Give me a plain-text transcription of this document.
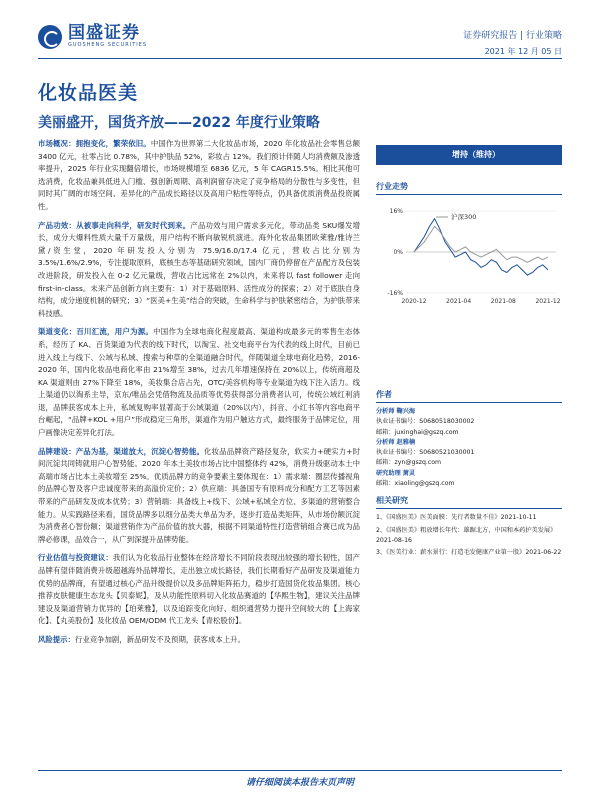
国盛证券
GUOSHENG SECURITIES
证券研究报告 | 行业策略
2021 年 12 月 05 日
化妆品医美
美丽盛开，国货齐放——2022 年度行业策略

市场概况：拥抱变化，繁荣依旧。中国作为世界第二大化妆品市场，2020 年化妆品社会零售总额 3400 亿元，社零占比 0.78%，其中护肤品 52%，彩妆占 12%。我们预计伴随人均消费额及渗透率提升，2025 年行业实现翻倍增长，市场规模增至 6836 亿元，5 年 CAGR15.5%。相比其他可选消费，化妆品兼具低进入门槛、强创新周期、高利润留存决定了竞争格局的分散性与多变性，但同时其广阔的市场空间、差异化的产品成长路径以及高用户粘性等特点，仍具备优质消费品投资属性。

产品功效：从被事走向科学，研发时代到来。产品功效与用户需求多元化，带动品类 SKU爆发增长，成分大爆料性质大量千万量级，用户结构不断向敏锐机演进。海外化妆品集团欧莱雅/雅诗兰黛/资生堂，2020 年研发投入分别为 75.9/16.0/17.4 亿元，营收占比分别为 3.5%/1.6%/2.9%，专注提取原料，底核生态等基础研究领域，国内厂商仍停留在产品配方及包装改进阶段，研发投入在 0-2 亿元量级，营收占比远常在 2%以内，未来将以 fast follower 走向 first-in-class。未来产品创新方向主要有：1）对于基础原料、活性成分的探索；2）对于底肤自身结构，成分递度机制的研究；3）“医美+生美”结合的突破，生命科学与护肤紧密结合，为护肤带来科技感。

渠道变化：百川汇流，用户为源。中国作为全球电商化程度最高、渠道构成最多元的零售生态体系，经历了 KA、百货渠道为代表的线下时代，以淘宝、社交电商平台为代表的线上时代，目前已进入线上与线下、公域与私域、搜索与种草的全渠道融合时代，伴随渠道全球电商化趋势，2016-2020 年，国内化妆品电商化率由 21%增至 38%，过去几年增速保持在 20%以上，传统商超及 KA 渠道则由 27%下降至 18%，美妆集合店占先，OTC/美容机构等专业渠道为线下注入活力。线上渠道仍以淘系主导，京东/唯品会凭借物流及品质等优势获得部分消费者认可，传统公域红利消退，品牌获客成本上升，私域复购率显著高于公域渠道（20%以内），抖音、小红书等内容电商平台崛起，“品牌+KOL +用户”形成稳定三角形，渠道作为用户触达方式，最终服务于品牌定位，用户画像决定差异化打法。

品牌建设：产品为基，渠道放大，沉淀心智势能。化妆品品牌资产路径复杂，软实力+硬实力+时间沉淀共同铸就用户心智势能。2020 年本土美妆市场占比中国整体约 42%，消费升级驱动本土中高端市场占比本土美妆增至 25%。优质品牌方的竞争要素主要体现在：1）需求端：圈层传播视角的品牌心智及客户忠诚度带来的高溢价定价；2）供应端：具备国专有原料成分和配方工艺等因素带来的产品研发及成本优势；3）营销端：具备线上+线下、公域+私域全方位、多渠道的营销整合能力。从实践路径来看，国货品牌多以细分品类大单品为矛，逐步打造品类矩阵，从市场份额沉淀为消费者心智份额；渠道营销作为产品价值的放大器，根据不同渠道特性打造营销组合赛已成为品牌必修课，品效合一，从广到深提升品牌势能。

行业估值与投资建议：我们认为化妆品行业整体在经济增长不同阶段表现出较强的增长韧性，国产品牌有望伴随消费升级超越海外品牌增长，走出独立成长路径，我们长期看好产品研发及渠道能力优势的品牌商，有望通过核心产品升级提价以及多品牌矩阵拓力，稳步打造国货化妆品集团。核心推荐皮肤健康生态龙头【贝泰妮】，及从功能性原料切入化妆品赛道的【华熙生物】，建议关注品牌建设及渠道营销力优异的【珀莱雅】，以及追踪变化向好、组织通营势力提升空间较大的【上海家化】、【丸美股份】及化妆品 OEM/ODM 代工龙头【青松股份】。

风险提示：行业竞争加剧，新品研发不及预期，获客成本上升。

增持（维持）
行业走势
16%
0%
-16%
2020-12	2021-04	2021-08	2021-12
沪深300
作者
分析师 鞠兴海
执业证书编号：S0680518030002
邮箱：juxinghai@gszq.com
分析师 赵雅楠
执业证书编号：S0680521030001
邮箱：zyn@gszq.com
研究助理 萧灵
邮箱：xiaoling@gszq.com
相关研究
1、《国盛医美》医美面膜：先行者数量不佳》2021-10-11
2、《国盛医美》粗放增长年代：雄踞北方，中国和本药护美发展》2021-08-16
3、《医美行业：薪水景行：打造毛发健康产业第一股》2021-06-22
请仔细阅读本报告末页声明
